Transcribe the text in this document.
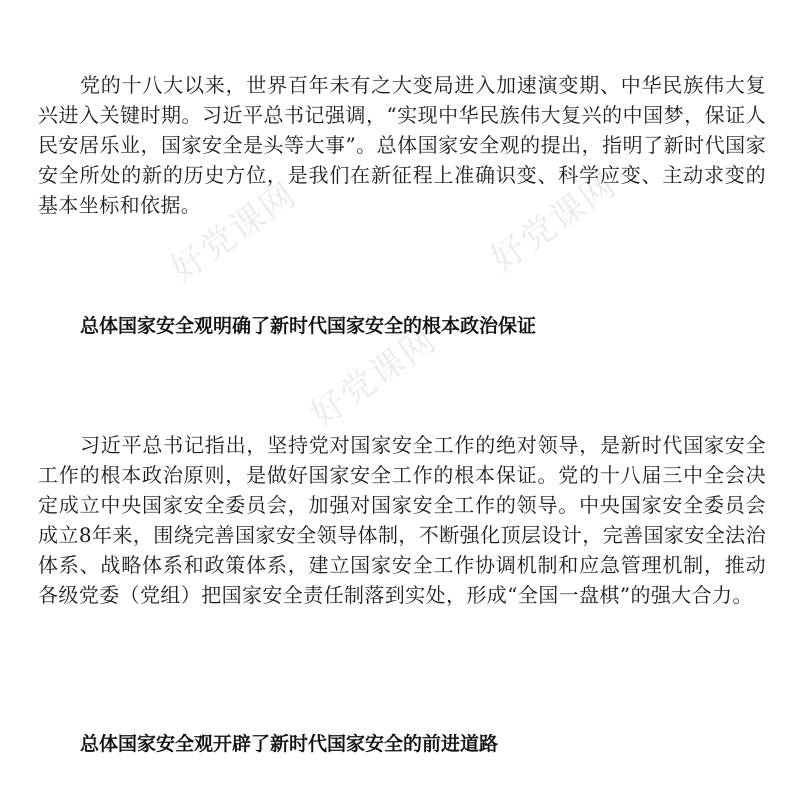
好党课网	好党课网
好党课网

党的十八大以来，世界百年未有之大变局进入加速演变期、中华民族伟大复兴进入关键时期。习近平总书记强调，“实现中华民族伟大复兴的中国梦，保证人民安居乐业，国家安全是头等大事”。总体国家安全观的提出，指明了新时代国家安全所处的新的历史方位，是我们在新征程上准确识变、科学应变、主动求变的基本坐标和依据。

总体国家安全观明确了新时代国家安全的根本政治保证

习近平总书记指出，坚持党对国家安全工作的绝对领导，是新时代国家安全工作的根本政治原则，是做好国家安全工作的根本保证。党的十八届三中全会决定成立中央国家安全委员会，加强对国家安全工作的领导。中央国家安全委员会成立8年来，围绕完善国家安全领导体制，不断强化顶层设计，完善国家安全法治体系、战略体系和政策体系，建立国家安全工作协调机制和应急管理机制，推动各级党委（党组）把国家安全责任制落到实处，形成“全国一盘棋”的强大合力。

总体国家安全观开辟了新时代国家安全的前进道路
